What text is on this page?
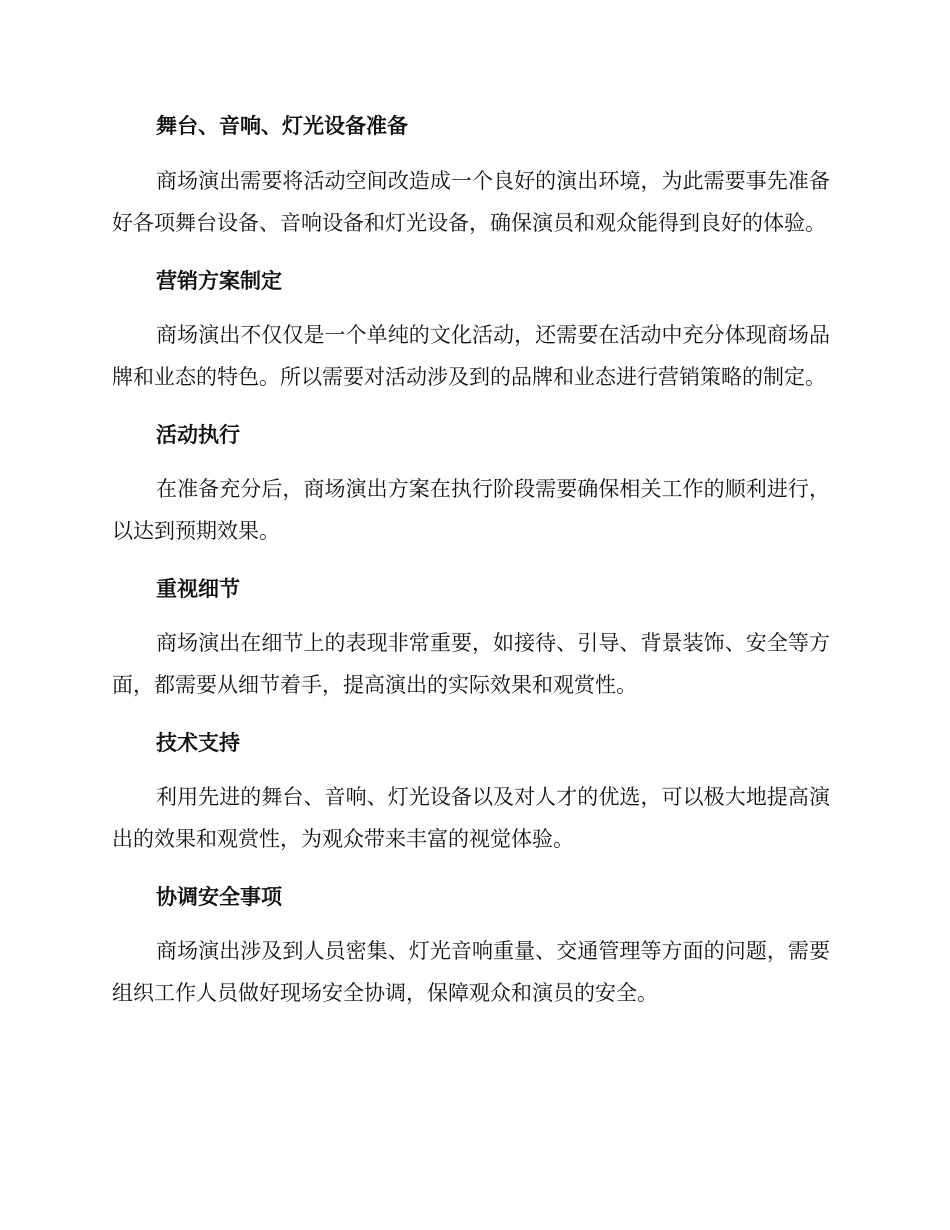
舞台、音响、灯光设备准备

商场演出需要将活动空间改造成一个良好的演出环境，为此需要事先准备好各项舞台设备、音响设备和灯光设备，确保演员和观众能得到良好的体验。

营销方案制定

商场演出不仅仅是一个单纯的文化活动，还需要在活动中充分体现商场品牌和业态的特色。所以需要对活动涉及到的品牌和业态进行营销策略的制定。

活动执行

在准备充分后，商场演出方案在执行阶段需要确保相关工作的顺利进行，以达到预期效果。

重视细节

商场演出在细节上的表现非常重要，如接待、引导、背景装饰、安全等方面，都需要从细节着手，提高演出的实际效果和观赏性。

技术支持

利用先进的舞台、音响、灯光设备以及对人才的优选，可以极大地提高演出的效果和观赏性，为观众带来丰富的视觉体验。

协调安全事项

商场演出涉及到人员密集、灯光音响重量、交通管理等方面的问题，需要组织工作人员做好现场安全协调，保障观众和演员的安全。
